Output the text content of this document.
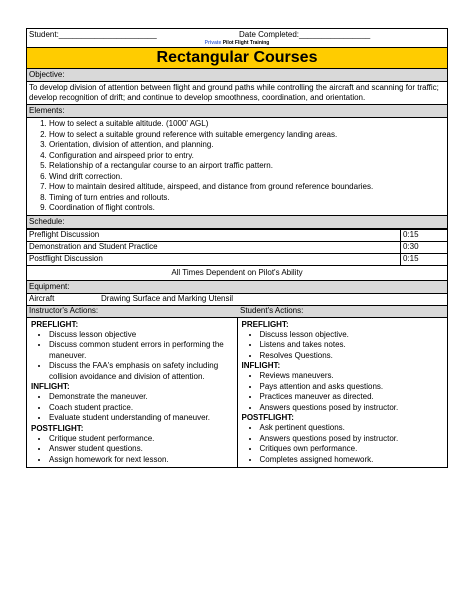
Student:______________________	Date Completed:________________
Private Pilot Flight Training
Rectangular Courses
Objective:
To develop division of attention between flight and ground paths while controlling the aircraft and scanning for traffic; develop recognition of drift; and continue to develop smoothness, coordination, and orientation.
Elements:
1. How to select a suitable altitude. (1000' AGL)
2. How to select a suitable ground reference with suitable emergency landing areas.
3. Orientation, division of attention, and planning.
4. Configuration and airspeed prior to entry.
5. Relationship of a rectangular course to an airport traffic pattern.
6. Wind drift correction.
7. How to maintain desired altitude, airspeed, and distance from ground reference boundaries.
8. Timing of turn entries and rollouts.
9. Coordination of flight controls.
Schedule:
Preflight Discussion	0:15
Demonstration and Student Practice	0:30
Postflight Discussion	0:15
All Times Dependent on Pilot's Ability
Equipment:
Aircraft	Drawing Surface and Marking Utensil
Instructor's Actions:	Student's Actions:
PREFLIGHT:
• Discuss lesson objective
• Discuss common student errors in performing the maneuver.
• Discuss the FAA's emphasis on safety including collision avoidance and division of attention.
INFLIGHT:
• Demonstrate the maneuver.
• Coach student practice.
• Evaluate student understanding of maneuver.
POSTFLIGHT:
• Critique student performance.
• Answer student questions.
• Assign homework for next lesson.
PREFLIGHT:
• Discuss lesson objective.
• Listens and takes notes.
• Resolves Questions.
INFLIGHT:
• Reviews maneuvers.
• Pays attention and asks questions.
• Practices maneuver as directed.
• Answers questions posed by instructor.
POSTFLIGHT:
• Ask pertinent questions.
• Answers questions posed by instructor.
• Critiques own performance.
• Completes assigned homework.
